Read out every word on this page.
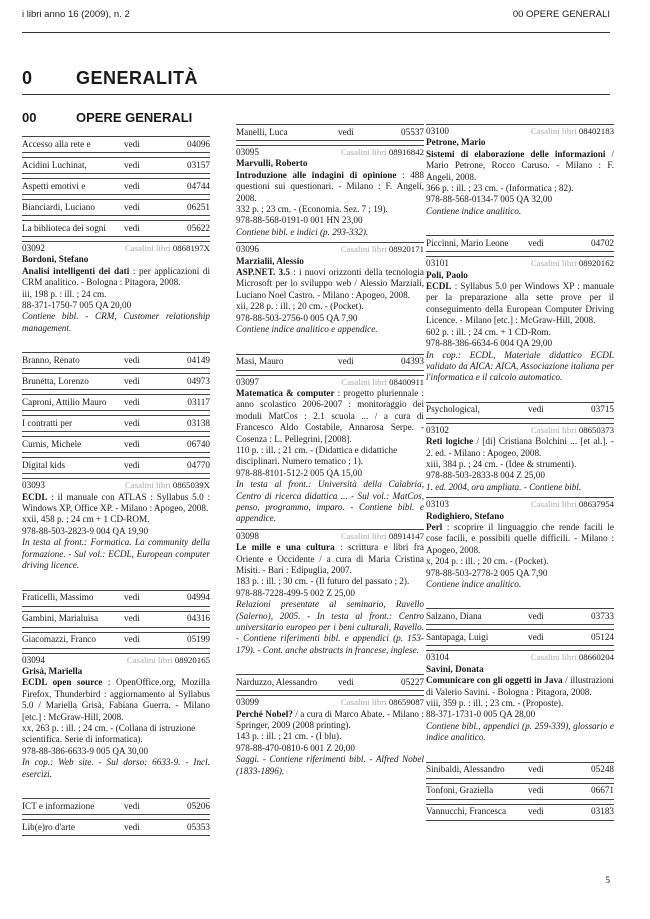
i libri anno 16 (2009), n. 2	00 OPERE GENERALI
0 GENERALITÀ
00	OPERE GENERALI
Accesso alla rete e	vedi	04096
Acidini Luchinat,	vedi	03157
Aspetti emotivi e	vedi	04744
Bianciardi, Luciano	vedi	06251
La biblioteca dei sogni	vedi	05622
03092	Casalini libri 0868197X
Bordoni, Stefano
Analisi intelligenti dei dati : per applicazioni di CRM analitico. - Bologna : Pitagora, 2008.
iii, 198 p. : ill. ; 24 cm.
88-371-1750-7 005 QA 20,00
Contiene bibl. - CRM, Customer relationship management.
Branno, Renato	vedi	04149
Brunetta, Lorenzo	vedi	04973
Caproni, Attilio Mauro	vedi	03117
I contratti per	vedi	03138
Curnis, Michele	vedi	06740
Digital kids	vedi	04770
03093	Casalini libri 0865039X
ECDL : il manuale con ATLAS : Syllabus 5.0 : Windows XP, Office XP. - Milano : Apogeo, 2008.
xxii, 458 p. ; 24 cm + 1 CD-ROM.
978-88-503-2823-9 004 QA 19,90
In testa al front.: Formatica. La community della formazione. - Sul vol.: ECDL, European computer driving licence.
Fraticelli, Massimo	vedi	04994
Gambini, Marialuisa	vedi	04316
Giacomazzi, Franco	vedi	05199
03094	Casalini libri 08920165
Grisà, Mariella
ECDL open source : OpenOffice.org, Mozilla Firefox, Thunderbird : aggiornamento al Syllabus 5.0 / Mariella Grisà, Fabiana Guerra. - Milano [etc.] : McGraw-Hill, 2008.
xx, 263 p. : ill. ; 24 cm. - (Collana di istruzione scientifica. Serie di informatica).
978-88-386-6633-9 005 QA 30,00
In cop.: Web site. - Sul dorso: 6633-9. - Incl. esercizi.
ICT e informazione	vedi	05206
Lib(e)ro d'arte	vedi	05353
Manelli, Luca	vedi	05537
03095	Casalini libri 08916842
Marvulli, Roberto
Introduzione alle indagini di opinione : 488 questioni sui questionari. - Milano : F. Angeli, 2008.
332 p. ; 23 cm. - (Economia. Sez. 7 ; 19).
978-88-568-0191-0 001 HN 23,00
Contiene bibl. e indici (p. 293-332).
03096	Casalini libri 08920171
Marzialii, Alessio
ASP.NET. 3.5 : i nuovi orizzonti della tecnologia Microsoft per lo sviluppo web / Alessio Marziali, Luciano Noel Castro. - Milano : Apogeo, 2008.
xii, 228 p. : ill. ; 20 cm. - (Pocket).
978-88-503-2756-0 005 QA 7,90
Contiene indice analitico e appendice.
Masi, Mauro	vedi	04393
03097	Casalini libri 08400911
Matematica & computer : progetto pluriennale : anno scolastico 2006-2007 : monitoraggio dei moduli MatCos : 2.1 scuola ... / a cura di Francesco Aldo Costabile, Annarosa Serpe. - Cosenza : L. Pellegrini, [2008].
110 p. : ill. ; 21 cm. - (Didattica e didattiche disciplinari. Numero tematico ; 1).
978-88-8101-512-2 005 QA 15,00
In testa al front.: Università della Calabria, Centro di ricerca didattica ... - Sul vol.: MatCos, penso, programmo, imparo. - Contiene bibl. e appendice.
03098	Casalini libri 08914147
Le mille e una cultura : scrittura e libri fra Oriente e Occidente / a cura di Maria Cristina Misiti. - Bari : Edipuglia, 2007.
183 p. : ill. ; 30 cm. - (Il futuro del passato ; 2).
978-88-7228-499-5 002 Z 25,00
Relazioni presentate al seminario, Ravello (Salerno), 2005. - In testa al front.: Centro universitario europeo per i beni culturali, Ravello. - Contiene riferimenti bibl. e appendici (p. 153-179). - Cont. anche abstracts in francese, inglese.
Narduzzo, Alessandro	vedi	05227
03099	Casalini libri 08659087
Perché Nobel? / a cura di Marco Abate. - Milano : Springer, 2009 (2008 printing).
143 p. : ill. ; 21 cm. - (I blu).
978-88-470-0810-6 001 Z 20,00
Saggi. - Contiene riferimenti bibl. - Alfred Nobel (1833-1896).
03100	Casalini libri 08402183
Petrone, Mario
Sistemi di elaborazione delle informazioni / Mario Petrone, Rocco Caruso. - Milano : F. Angeli, 2008.
366 p. : ill. ; 23 cm. - (Informatica ; 82).
978-88-568-0134-7 005 QA 32,00
Contiene indice analitico.
Piccinni, Mario Leone	vedi	04702
03101	Casalini libri 08920162
Poli, Paolo
ECDL : Syllabus 5.0 per Windows XP : manuale per la preparazione alla sette prove per il conseguimento della European Computer Driving Licence. - Milano [etc.] : McGraw-Hill, 2008.
602 p. : ill. ; 24 cm. + 1 CD-Rom.
978-88-386-6634-6 004 QA 29,00
In cop.: ECDL, Materiale didattico ECDL validato da AICA: AICA, Associazione italiana per l'informatica e il calcolo automatico.
Psychological,	vedi	03715
03102	Casalini libri 08650373
Reti logiche / [di] Cristiana Bolchini ... [et al.]. - 2. ed. - Milano : Apogeo, 2008.
xiii, 384 p. ; 24 cm. - (Idee & strumenti).
978-88-503-2833-8 004 Z 25,00
1. ed. 2004, ora ampliata. - Contiene bibl.
03103	Casalini libri 08637954
Rodighiero, Stefano
Perl : scoprire il linguaggio che rende facili le cose facili, e possibili quelle difficili. - Milano : Apogeo, 2008.
x, 204 p. : ill. ; 20 cm. - (Pocket).
978-88-503-2778-2 005 QA 7,90
Contiene indice analitico.
Salzano, Diana	vedi	03733
Santapaga, Luigi	vedi	05124
03104	Casalini libri 08660204
Savini, Donata
Comunicare con gli oggetti in Java / illustrazioni di Valerio Savini. - Bologna : Pitagora, 2008.
viii, 359 p. : ill. ; 23 cm. - (Proposte).
88-371-1731-0 005 QA 28,00
Contiene bibl., appendici (p. 259-339), glossario e indice analitico.
Sinibaldi, Alessandro	vedi	05248
Tonfoni, Graziella	vedi	06671
Vannucchi, Francesca	vedi	03183
5
